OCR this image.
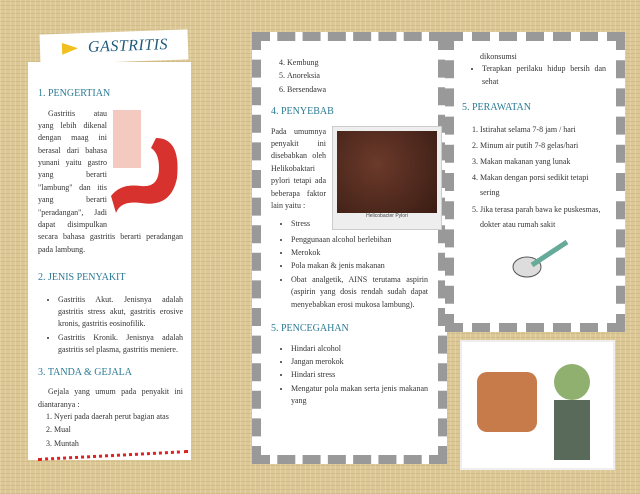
GASTRITIS
1. PENGERTIAN

Gastritis atau yang lebih dikenal dengan maag ini berasal dari bahasa yunani yaitu gastro yang berarti "lambung" dan itis yang berarti "peradangan", Jadi dapat disimpulkan secara bahasa gastritis berarti peradangan pada lambung.

2. JENIS PENYAKIT
• Gastritis Akut. Jenisnya adalah gastritis stress akut, gastritis erosive kronis, gastritis eosinofilik.
• Gastritis Kronik. Jenisnya adalah gastritis sel plasma, gastritis meniere.
3. TANDA & GEJALA

Gejala yang umum pada penyakit ini diantaranya :

1. Nyeri pada daerah perut bagian atas
2. Mual
3. Muntah
4. Kembung
5. Anoreksia
6. Bersendawa
4. PENYEBAB
Helicobacter Pylori

Pada umumnya penyakit ini disebabkan oleh Helikobaktari pylori tetapi ada beberapa faktor lain yaitu :

• Stress
• Penggunaan alcohol berlebihan
• Merokok
• Pola makan & jenis makanan
• Obat analgetik, AINS terutama aspirin (aspirin yang dosis rendah sudah dapat menyebabkan erosi mukosa lambung).
5. PENCEGAHAN
• Hindari alcohol
• Jangan merokok
• Hindari stress
• Mengatur pola makan serta jenis makanan yang

dikonsumsi

• Terapkan perilaku hidup bersih dan sehat
5. PERAWATAN
1. Istirahat selama 7-8 jam / hari
2. Minum air putih 7-8 gelas/hari
3. Makan makanan yang lunak
4. Makan dengan porsi sedikit tetapi sering
5. Jika terasa parah bawa ke puskesmas, dokter atau rumah sakit
